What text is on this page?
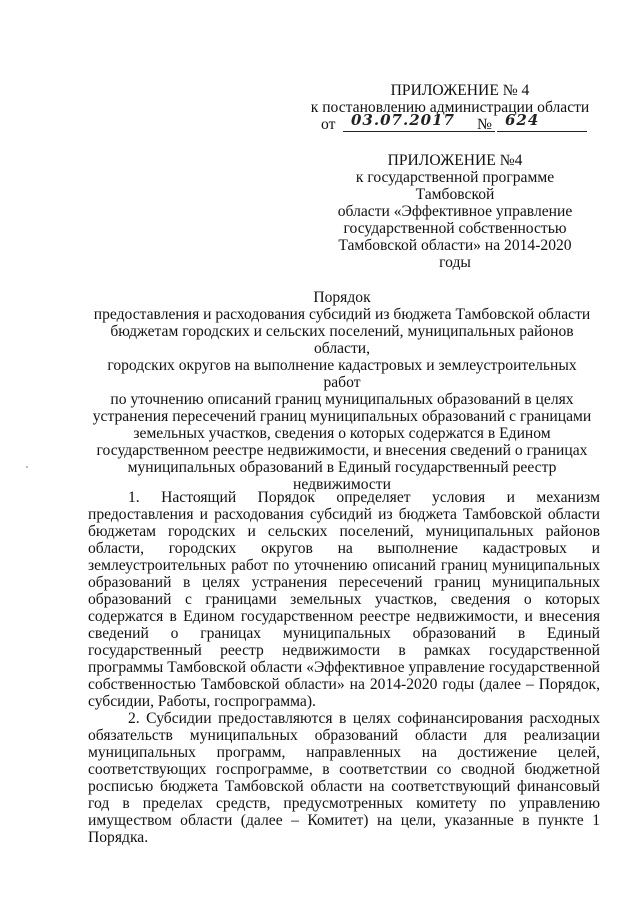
ПРИЛОЖЕНИЕ № 4
к постановлению администрации области
от 03.07.2017 № 624
ПРИЛОЖЕНИЕ №4
к государственной программе Тамбовской
области «Эффективное управление
государственной собственностью
Тамбовской области» на 2014-2020 годы
Порядок
предоставления и расходования субсидий из бюджета Тамбовской области
бюджетам городских и сельских поселений, муниципальных районов области,
городских округов на выполнение кадастровых и землеустроительных работ
по уточнению описаний границ муниципальных образований в целях
устранения пересечений границ муниципальных образований с границами
земельных участков, сведения о которых содержатся в Едином
государственном реестре недвижимости, и внесения сведений о границах
муниципальных образований в Единый государственный реестр
недвижимости

1. Настоящий Порядок определяет условия и механизм предоставления и расходования субсидий из бюджета Тамбовской области бюджетам городских и сельских поселений, муниципальных районов области, городских округов на выполнение кадастровых и землеустроительных работ по уточнению описаний границ муниципальных образований в целях устранения пересечений границ муниципальных образований с границами земельных участков, сведения о которых содержатся в Едином государственном реестре недвижимости, и внесения сведений о границах муниципальных образований в Единый государственный реестр недвижимости в рамках государственной программы Тамбовской области «Эффективное управление государственной собственностью Тамбовской области» на 2014-2020 годы (далее – Порядок, субсидии, Работы, госпрограмма).

2. Субсидии предоставляются в целях софинансирования расходных обязательств муниципальных образований области для реализации муниципальных программ, направленных на достижение целей, соответствующих госпрограмме, в соответствии со сводной бюджетной росписью бюджета Тамбовской области на соответствующий финансовый год в пределах средств, предусмотренных комитету по управлению имуществом области (далее – Комитет) на цели, указанные в пункте 1 Порядка.
